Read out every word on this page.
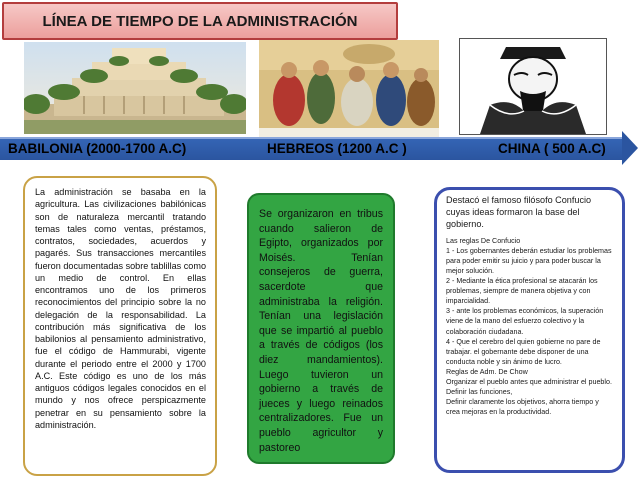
LÍNEA DE TIEMPO DE LA ADMINISTRACIÓN
BABILONIA (2000-1700 A.C)	HEBREOS (1200 A.C )	CHINA ( 500 A.C)
La administración se basaba en la agricultura. Las civilizaciones babilónicas son de naturaleza mercantil tratando temas tales como ventas, préstamos, contratos, sociedades, acuerdos y pagarés. Sus transacciones mercantiles fueron documentadas sobre tablillas como un medio de control. En ellas encontramos uno de los primeros reconocimientos del principio sobre la no delegación de la responsabilidad. La contribución más significativa de los babilonios al pensamiento administrativo, fue el código de Hammurabi, vigente durante el periodo entre el 2000 y 1700 A.C. Este código es uno de los más antiguos códigos legales conocidos en el mundo y nos ofrece perspicazmente penetrar en su pensamiento sobre la administración.
Se organizaron en tribus cuando salieron de Egipto, organizados por Moisés. Tenían consejeros de guerra, sacerdote que administraba la religión. Tenían una legislación que se impartió al pueblo a través de códigos (los diez mandamientos). Luego tuvieron un gobierno a través de jueces y luego reinados centralizadores. Fue un pueblo agricultor y pastoreo
Destacó el famoso filósofo Confucio cuyas ideas formaron la base del gobierno.

Las reglas De Confucio

1 - Los gobernantes deberán estudiar los problemas para poder emitir su juicio y para poder buscar la mejor solución.

2 - Mediante la ética profesional se atacarán los problemas, siempre de manera objetiva y con imparcialidad.

3 - ante los problemas económicos, la superación viene de la mano del esfuerzo colectivo y la colaboración ciudadana.

4 - Que el cerebro del quien gobierne no pare de trabajar. el gobernante debe disponer de una conducta noble y sin ánimo de lucro.

Reglas de Adm. De Chow

Organizar el pueblo antes que administrar el pueblo. Definir las funciones,

Definir claramente los objetivos, ahorra tiempo y crea mejoras en la productividad.
